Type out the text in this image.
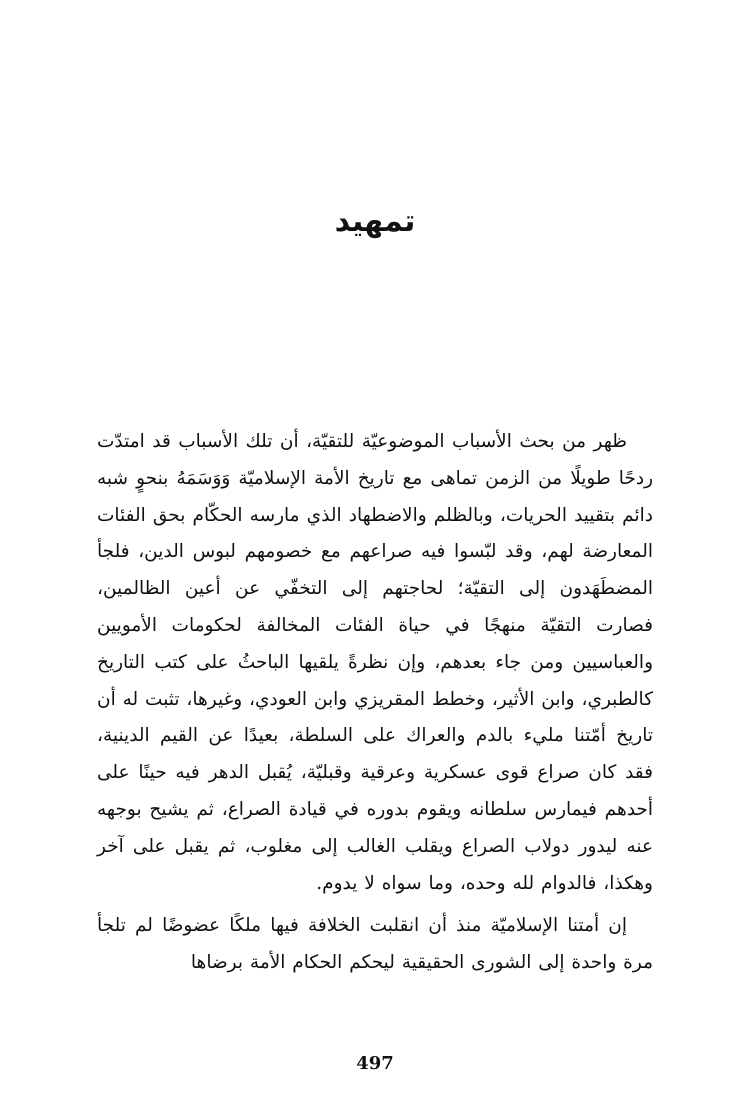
تمهيد

ظهر من بحث الأسباب الموضوعيّة للتقيّة، أن تلك الأسباب قد امتدّت ردحًا طويلًا من الزمن تماهى مع تاريخ الأمة الإسلاميّة وَوَسَمَهُ بنحوٍ شبه دائم بتقييد الحريات، وبالظلم والاضطهاد الذي مارسه الحكّام بحق الفئات المعارضة لهم، وقد لبّسوا فيه صراعهم مع خصومهم لبوس الدين، فلجأ المضطَهَدون إلى التقيّة؛ لحاجتهم إلى التخفّي عن أعين الظالمين، فصارت التقيّة منهجًا في حياة الفئات المخالفة لحكومات الأمويين والعباسيين ومن جاء بعدهم، وإن نظرةً يلقيها الباحثُ على كتب التاريخ كالطبري، وابن الأثير، وخطط المقريزي وابن العودي، وغيرها، تثبت له أن تاريخ أمّتنا مليء بالدم والعراك على السلطة، بعيدًا عن القيم الدينية، فقد كان صراع قوى عسكرية وعرقية وقبليّة، يُقبل الدهر فيه حينًا على أحدهم فيمارس سلطانه ويقوم بدوره في قيادة الصراع، ثم يشيح بوجهه عنه ليدور دولاب الصراع ويقلب الغالب إلى مغلوب، ثم يقبل على آخر وهكذا، فالدوام لله وحده، وما سواه لا يدوم.

إن أمتنا الإسلاميّة منذ أن انقلبت الخلافة فيها ملكًا عضوضًا لم تلجأ مرة واحدة إلى الشورى الحقيقية ليحكم الحكام الأمة برضاها

497
